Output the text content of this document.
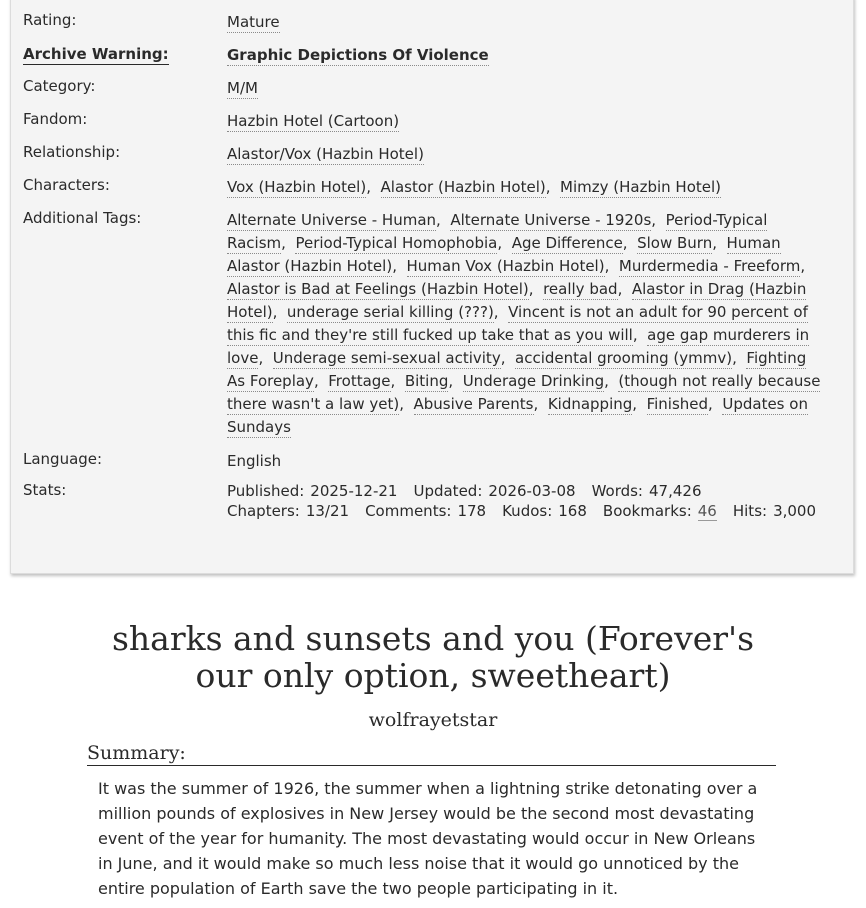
Rating:	Mature
Archive Warning:	Graphic Depictions Of Violence
Category:	M/M
Fandom:	Hazbin Hotel (Cartoon)
Relationship:	Alastor/Vox (Hazbin Hotel)
Characters:	Vox (Hazbin Hotel),  Alastor (Hazbin Hotel),  Mimzy (Hazbin Hotel)
Additional Tags:	Alternate Universe - Human,  Alternate Universe - 1920s,  Period-Typical Racism,  Period-Typical Homophobia,  Age Difference,  Slow Burn,  Human Alastor (Hazbin Hotel),  Human Vox (Hazbin Hotel),  Murdermedia - Freeform,  Alastor is Bad at Feelings (Hazbin Hotel),  really bad,  Alastor in Drag (Hazbin Hotel),  underage serial killing (???),  Vincent is not an adult for 90 percent of this fic and they're still fucked up take that as you will,  age gap murderers in love,  Underage semi-sexual activity,  accidental grooming (ymmv),  Fighting As Foreplay,  Frottage,  Biting,  Underage Drinking,  (though not really because there wasn't a law yet),  Abusive Parents,  Kidnapping,  Finished,  Updates on Sundays
Language:	English
Stats:	Published: 2025-12-21 Updated: 2026-03-08 Words: 47,426 Chapters: 13/21 Comments: 178 Kudos: 168 Bookmarks: 46 Hits: 3,000
sharks and sunsets and you (Forever's our only option, sweetheart)
wolfrayetstar
Summary:

It was the summer of 1926, the summer when a lightning strike detonating over a million pounds of explosives in New Jersey would be the second most devastating event of the year for humanity. The most devastating would occur in New Orleans in June, and it would make so much less noise that it would go unnoticed by the entire population of Earth save the two people participating in it.
